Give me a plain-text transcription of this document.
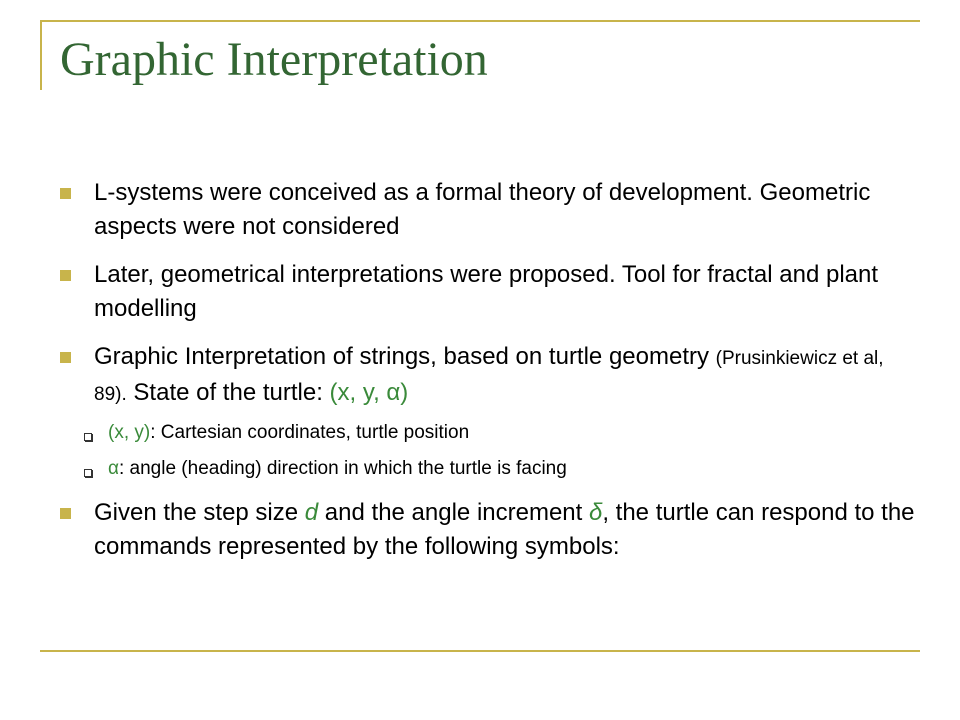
Graphic Interpretation
L-systems were conceived as a formal theory of development. Geometric aspects were not considered
Later, geometrical interpretations were proposed. Tool for fractal and plant modelling
Graphic Interpretation of strings, based on turtle geometry (Prusinkiewicz et al, 89). State of the turtle: (x, y, α)
(x, y): Cartesian coordinates, turtle position
α: angle (heading) direction in which the turtle is facing
Given the step size d and the angle increment δ, the turtle can respond to the commands represented by the following symbols:
